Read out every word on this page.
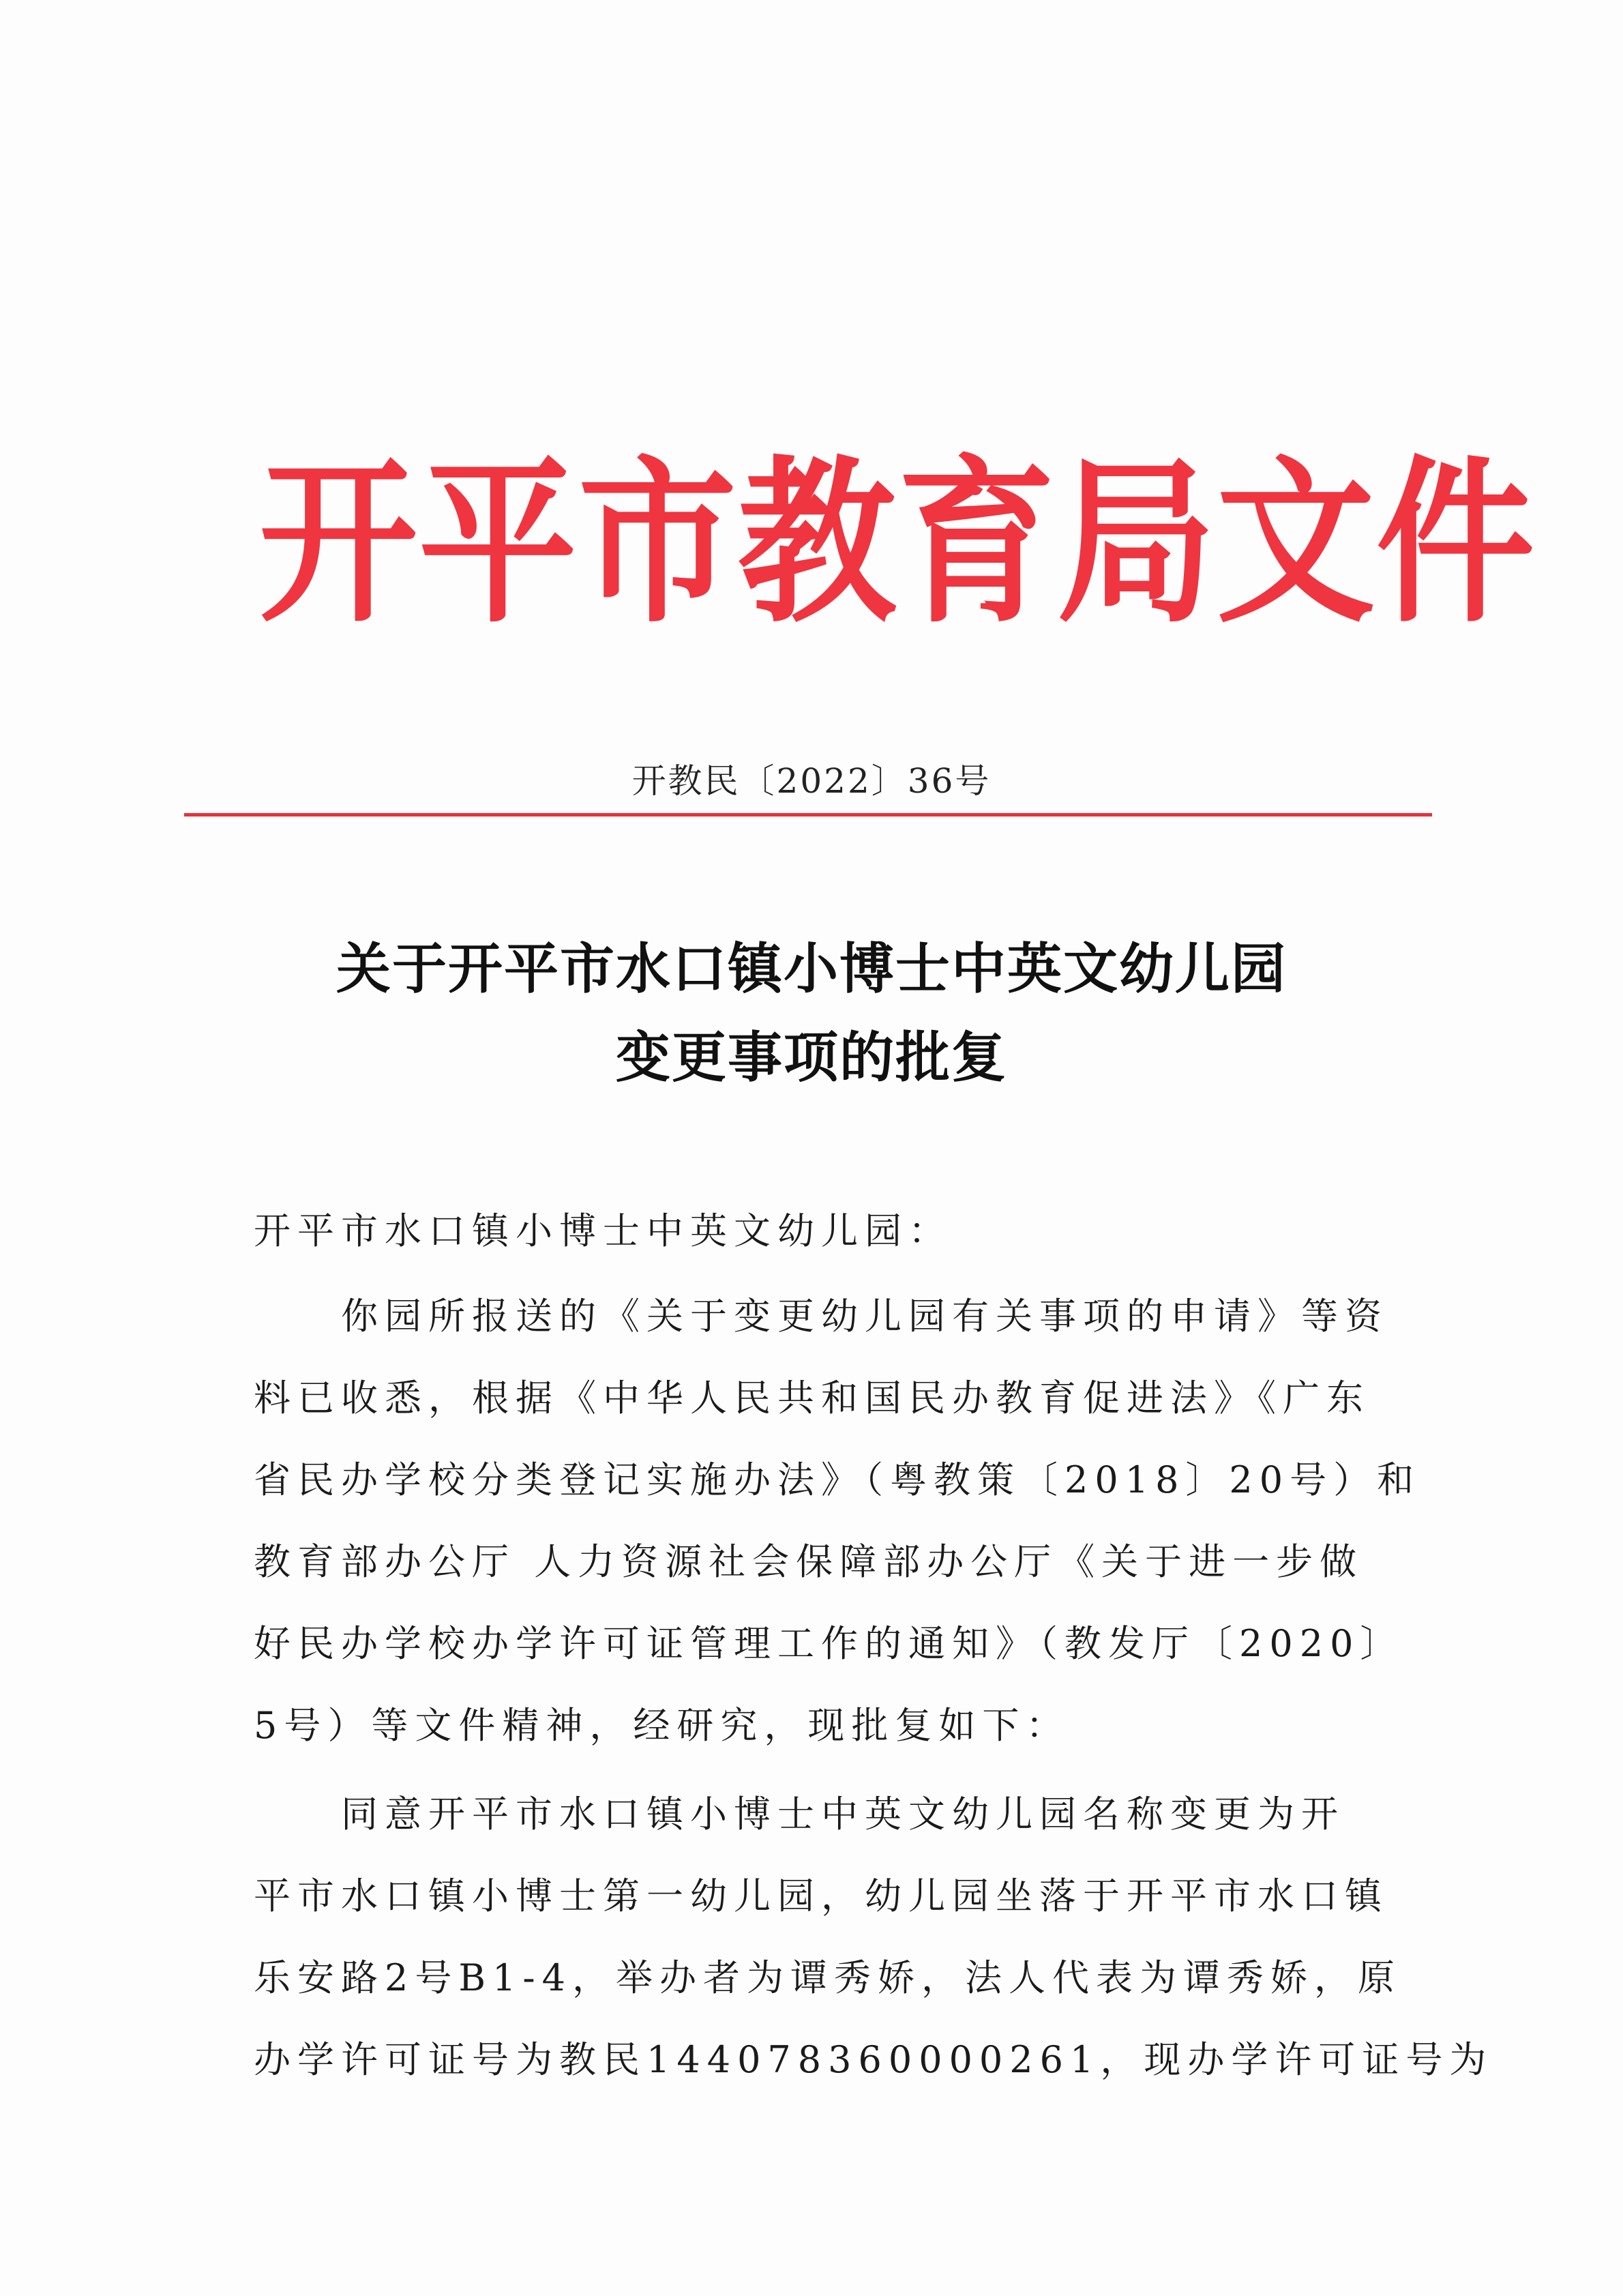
开平市教育局文件
开教民〔2022〕36号
关于开平市水口镇小博士中英文幼儿园
变更事项的批复
开平市水口镇小博士中英文幼儿园：
你园所报送的《关于变更幼儿园有关事项的申请》等资
料已收悉，根据《中华人民共和国民办教育促进法》《广东
省民办学校分类登记实施办法》（粤教策〔2018〕20号）和
教育部办公厅 人力资源社会保障部办公厅《关于进一步做
好民办学校办学许可证管理工作的通知》（教发厅〔2020〕
5号）等文件精神，经研究，现批复如下：
同意开平市水口镇小博士中英文幼儿园名称变更为开
平市水口镇小博士第一幼儿园，幼儿园坐落于开平市水口镇
乐安路2号B1-4，举办者为谭秀娇，法人代表为谭秀娇，原
办学许可证号为教民144078360000261，现办学许可证号为
